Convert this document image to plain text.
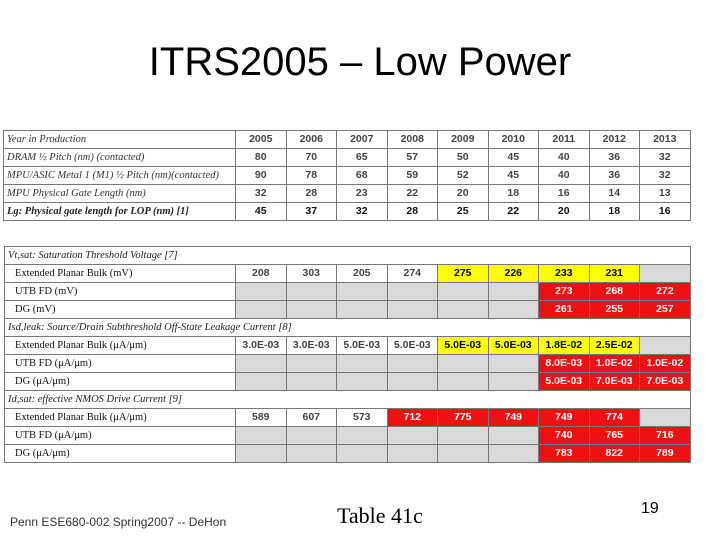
ITRS2005 – Low Power
Year in Production	2005	2006	2007	2008	2009	2010	2011	2012	2013
DRAM ½ Pitch (nm) (contacted)	80	70	65	57	50	45	40	36	32
MPU/ASIC Metal 1 (M1) ½ Pitch (nm)(contacted)	90	78	68	59	52	45	40	36	32
MPU Physical Gate Length (nm)	32	28	23	22	20	18	16	14	13
Lg: Physical gate length for LOP (nm) [1]	45	37	32	28	25	22	20	18	16
Vt,sat: Saturation Threshold Voltage [7]									
Extended Planar Bulk (mV)	208	303	205	274	275	226	233	231	
UTB FD (mV)							273	268	272
DG (mV)							261	255	257
Isd,leak: Source/Drain Subthreshold Off-State Leakage Current [8]									
Extended Planar Bulk (μA/μm)	3.0E-03	3.0E-03	5.0E-03	5.0E-03	5.0E-03	5.0E-03	1.8E-02	2.5E-02	
UTB FD (μA/μm)							8.0E-03	1.0E-02	1.0E-02
DG (μA/μm)							5.0E-03	7.0E-03	7.0E-03
Id,sat: effective NMOS Drive Current [9]									
Extended Planar Bulk (μA/μm)	589	607	573	712	775	749	749	774	
UTB FD (μA/μm)							740	765	716
DG (μA/μm)							783	822	789
Penn ESE680-002 Spring2007 -- DeHon	Table 41c	19
